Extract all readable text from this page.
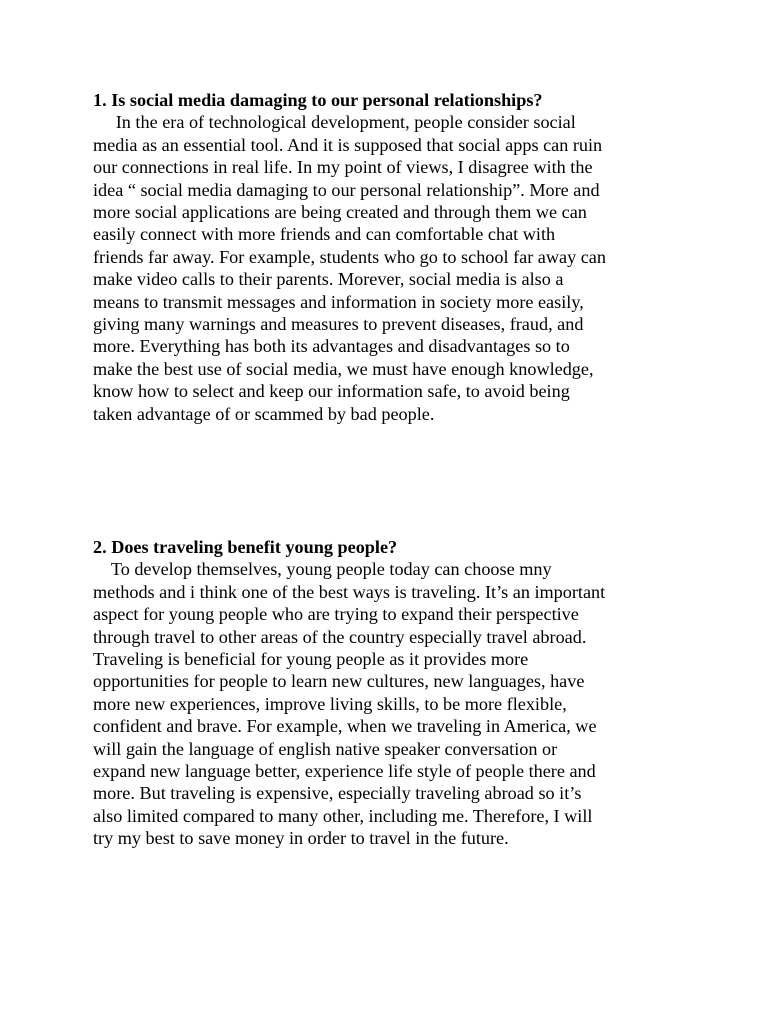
1. Is social media damaging to our personal relationships?

In the era of technological development, people consider social

media as an essential tool. And it is supposed that social apps can ruin

our connections in real life. In my point of views, I disagree with the

idea “ social media damaging to our personal relationship”. More and

more social applications are being created and through them we can

easily connect with more friends and can comfortable chat with

friends far away. For example, students who go to school far away can

make video calls to their parents. Morever, social media is also a

means to transmit messages and information in society more easily,

giving many warnings and measures to prevent diseases, fraud, and

more. Everything has both its advantages and disadvantages so to

make the best use of social media, we must have enough knowledge,

know how to select and keep our information safe, to avoid being

taken advantage of or scammed by bad people.

2. Does traveling benefit young people?

To develop themselves, young people today can choose mny

methods and i think one of the best ways is traveling. It’s an important

aspect for young people who are trying to expand their perspective

through travel to other areas of the country especially travel abroad.

Traveling is beneficial for young people as it provides more

opportunities for people to learn new cultures, new languages, have

more new experiences, improve living skills, to be more flexible,

confident and brave. For example, when we traveling in America, we

will gain the language of english native speaker conversation or

expand new language better, experience life style of people there and

more. But traveling is expensive, especially traveling abroad so it’s

also limited compared to many other, including me. Therefore, I will

try my best to save money in order to travel in the future.
